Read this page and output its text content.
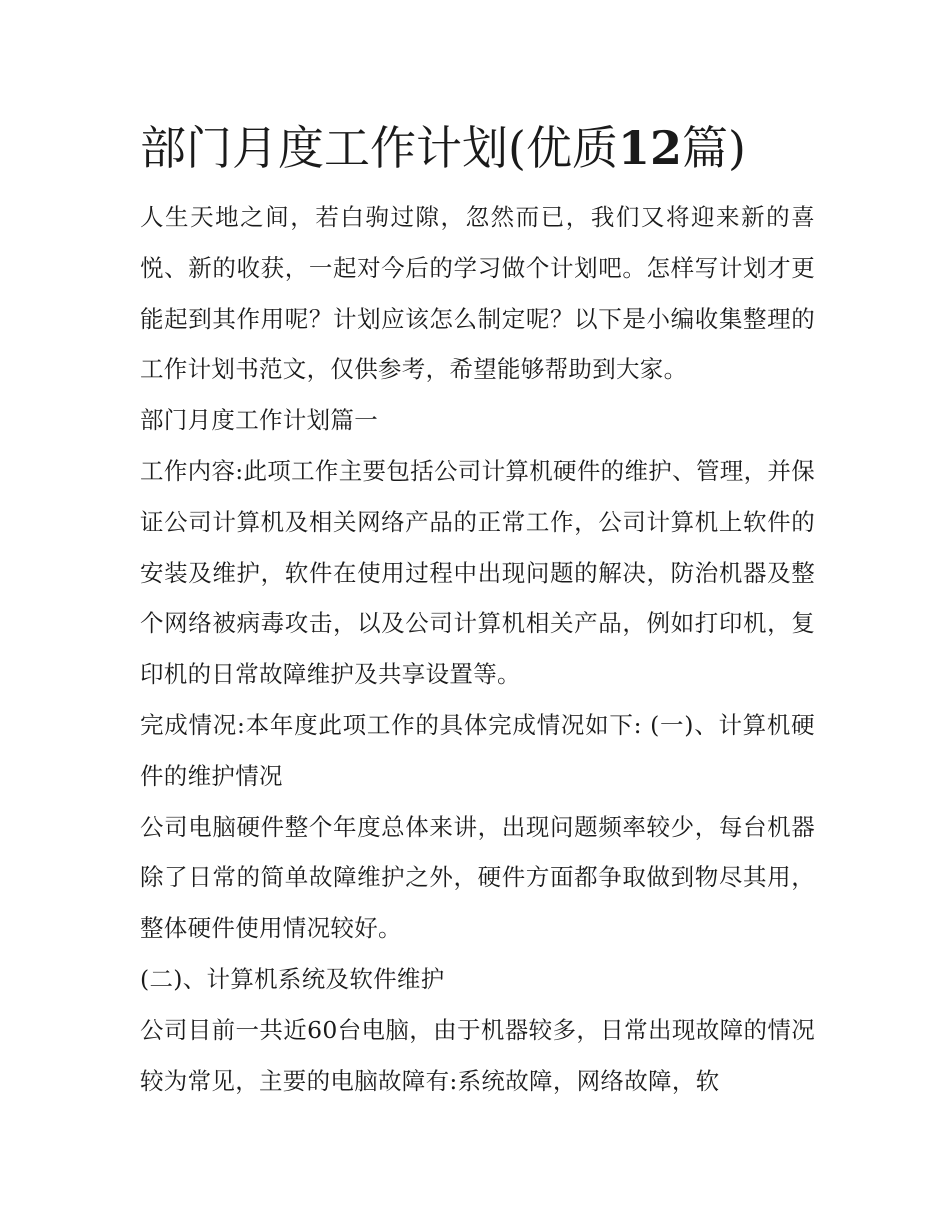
部门月度工作计划(优质12篇)

人生天地之间，若白驹过隙，忽然而已，我们又将迎来新的喜悦、新的收获，一起对今后的学习做个计划吧。怎样写计划才更能起到其作用呢？计划应该怎么制定呢？以下是小编收集整理的工作计划书范文，仅供参考，希望能够帮助到大家。

部门月度工作计划篇一

工作内容:此项工作主要包括公司计算机硬件的维护、管理，并保证公司计算机及相关网络产品的正常工作，公司计算机上软件的安装及维护，软件在使用过程中出现问题的解决，防治机器及整个网络被病毒攻击，以及公司计算机相关产品，例如打印机，复印机的日常故障维护及共享设置等。

完成情况:本年度此项工作的具体完成情况如下: (一)、计算机硬件的维护情况

公司电脑硬件整个年度总体来讲，出现问题频率较少，每台机器除了日常的简单故障维护之外，硬件方面都争取做到物尽其用，整体硬件使用情况较好。

(二)、计算机系统及软件维护

公司目前一共近60台电脑，由于机器较多，日常出现故障的情况较为常见，主要的电脑故障有:系统故障，网络故障，软
